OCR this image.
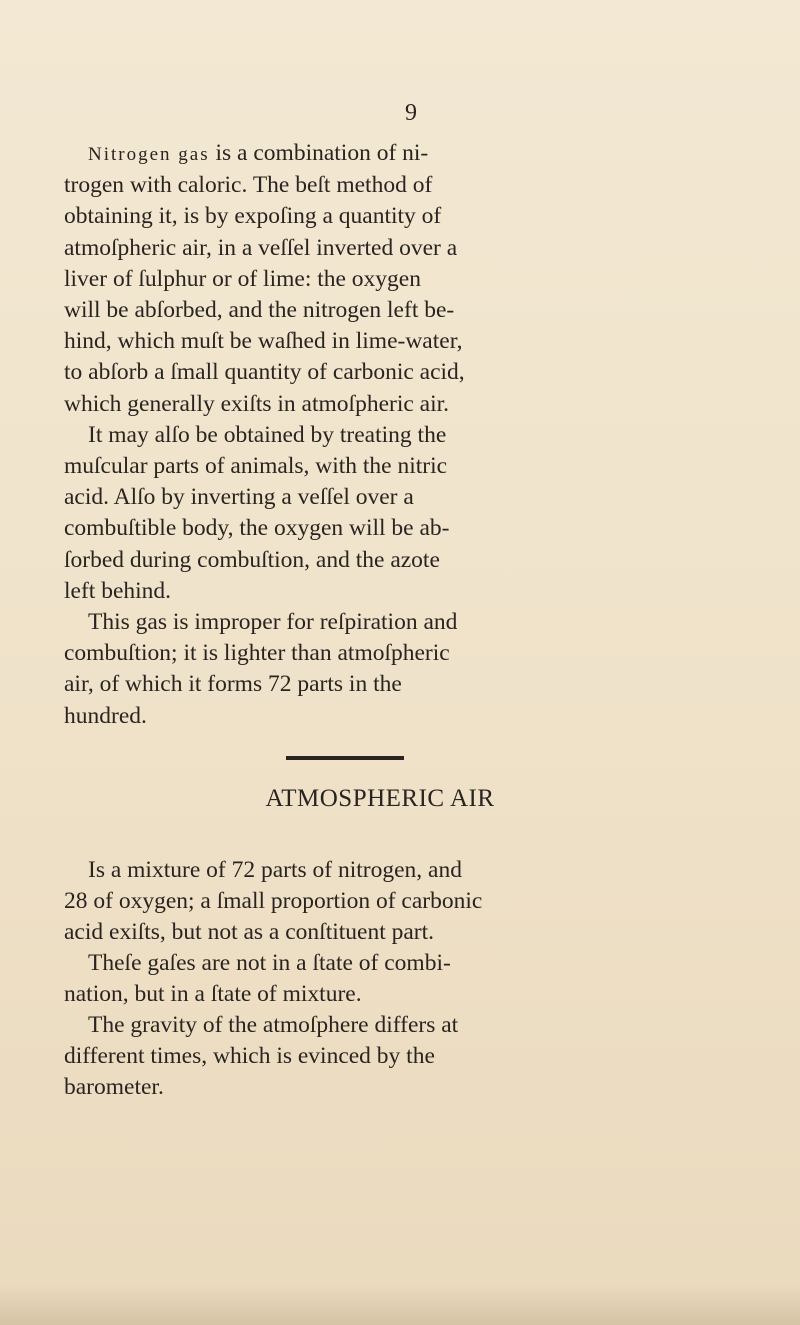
9
Nitrogen gas is a combination of ni-
trogen with caloric. The beſt method of
obtaining it, is by expoſing a quantity of
atmoſpheric air, in a veſſel inverted over a
liver of ſulphur or of lime: the oxygen
will be abſorbed, and the nitrogen left be-
hind, which muſt be waſhed in lime-water,
to abſorb a ſmall quantity of carbonic acid,
which generally exiſts in atmoſpheric air.
It may alſo be obtained by treating the
muſcular parts of animals, with the nitric
acid. Alſo by inverting a veſſel over a
combuſtible body, the oxygen will be ab-
ſorbed during combuſtion, and the azote
left behind.
This gas is improper for reſpiration and
combuſtion; it is lighter than atmoſpheric
air, of which it forms 72 parts in the
hundred.
ATMOSPHERIC AIR
Is a mixture of 72 parts of nitrogen, and
28 of oxygen; a ſmall proportion of carbonic
acid exiſts, but not as a conſtituent part.
Theſe gaſes are not in a ſtate of combi-
nation, but in a ſtate of mixture.
The gravity of the atmoſphere differs at
different times, which is evinced by the
barometer.
